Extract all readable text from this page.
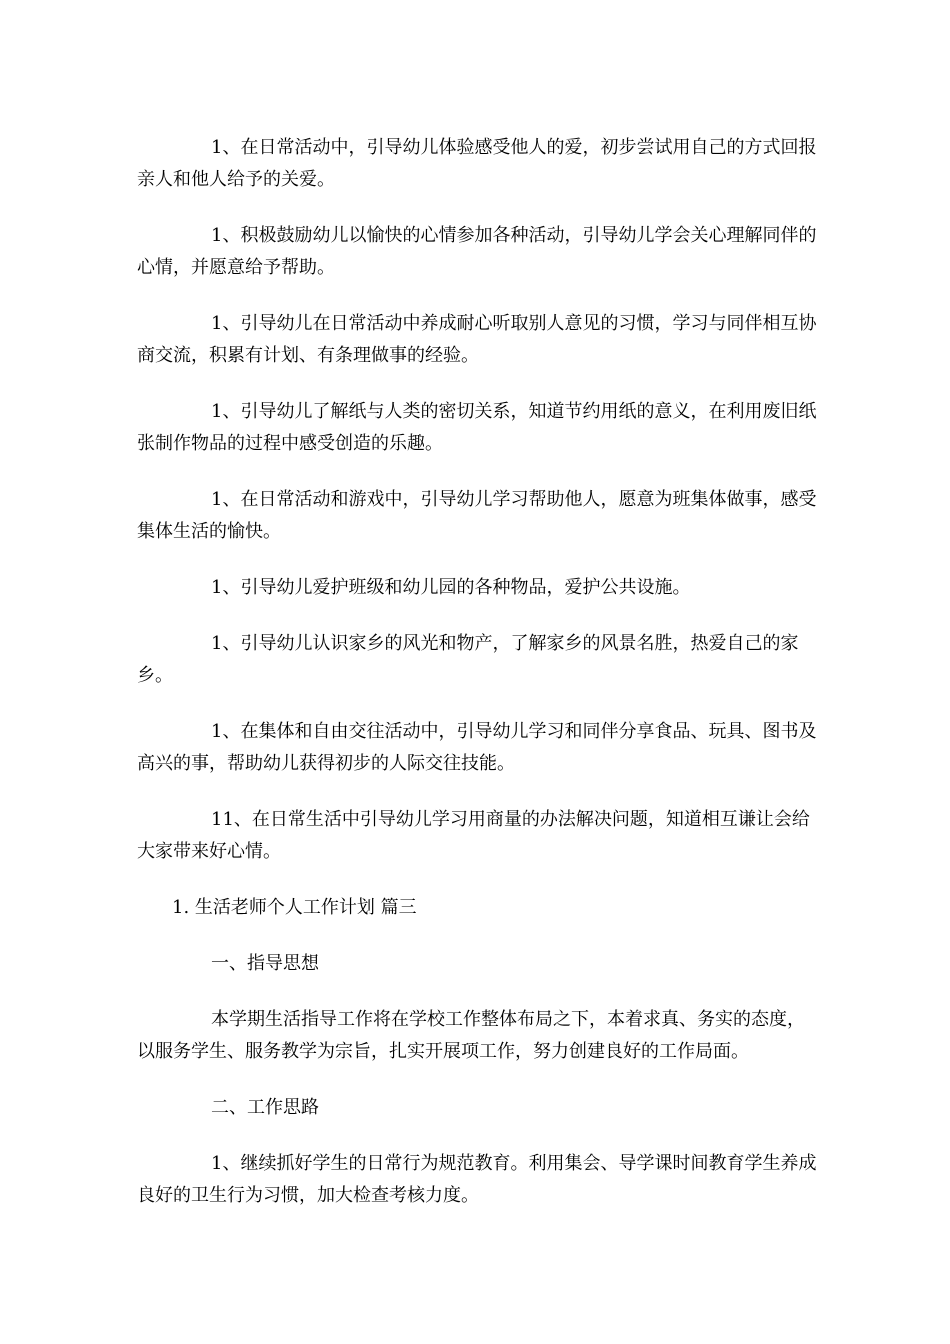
1、在日常活动中，引导幼儿体验感受他人的爱，初步尝试用自己的方式回报亲人和他人给予的关爱。

1、积极鼓励幼儿以愉快的心情参加各种活动，引导幼儿学会关心理解同伴的心情，并愿意给予帮助。

1、引导幼儿在日常活动中养成耐心听取别人意见的习惯，学习与同伴相互协商交流，积累有计划、有条理做事的经验。

1、引导幼儿了解纸与人类的密切关系，知道节约用纸的意义，在利用废旧纸张制作物品的过程中感受创造的乐趣。

1、在日常活动和游戏中，引导幼儿学习帮助他人，愿意为班集体做事，感受集体生活的愉快。

1、引导幼儿爱护班级和幼儿园的各种物品，爱护公共设施。

1、引导幼儿认识家乡的风光和物产，了解家乡的风景名胜，热爱自己的家乡。

1、在集体和自由交往活动中，引导幼儿学习和同伴分享食品、玩具、图书及高兴的事，帮助幼儿获得初步的人际交往技能。

11、在日常生活中引导幼儿学习用商量的办法解决问题，知道相互谦让会给大家带来好心情。

1. 生活老师个人工作计划 篇三

一、指导思想

本学期生活指导工作将在学校工作整体布局之下，本着求真、务实的态度，以服务学生、服务教学为宗旨，扎实开展项工作，努力创建良好的工作局面。

二、工作思路

1、继续抓好学生的日常行为规范教育。利用集会、导学课时间教育学生养成良好的卫生行为习惯，加大检查考核力度。
